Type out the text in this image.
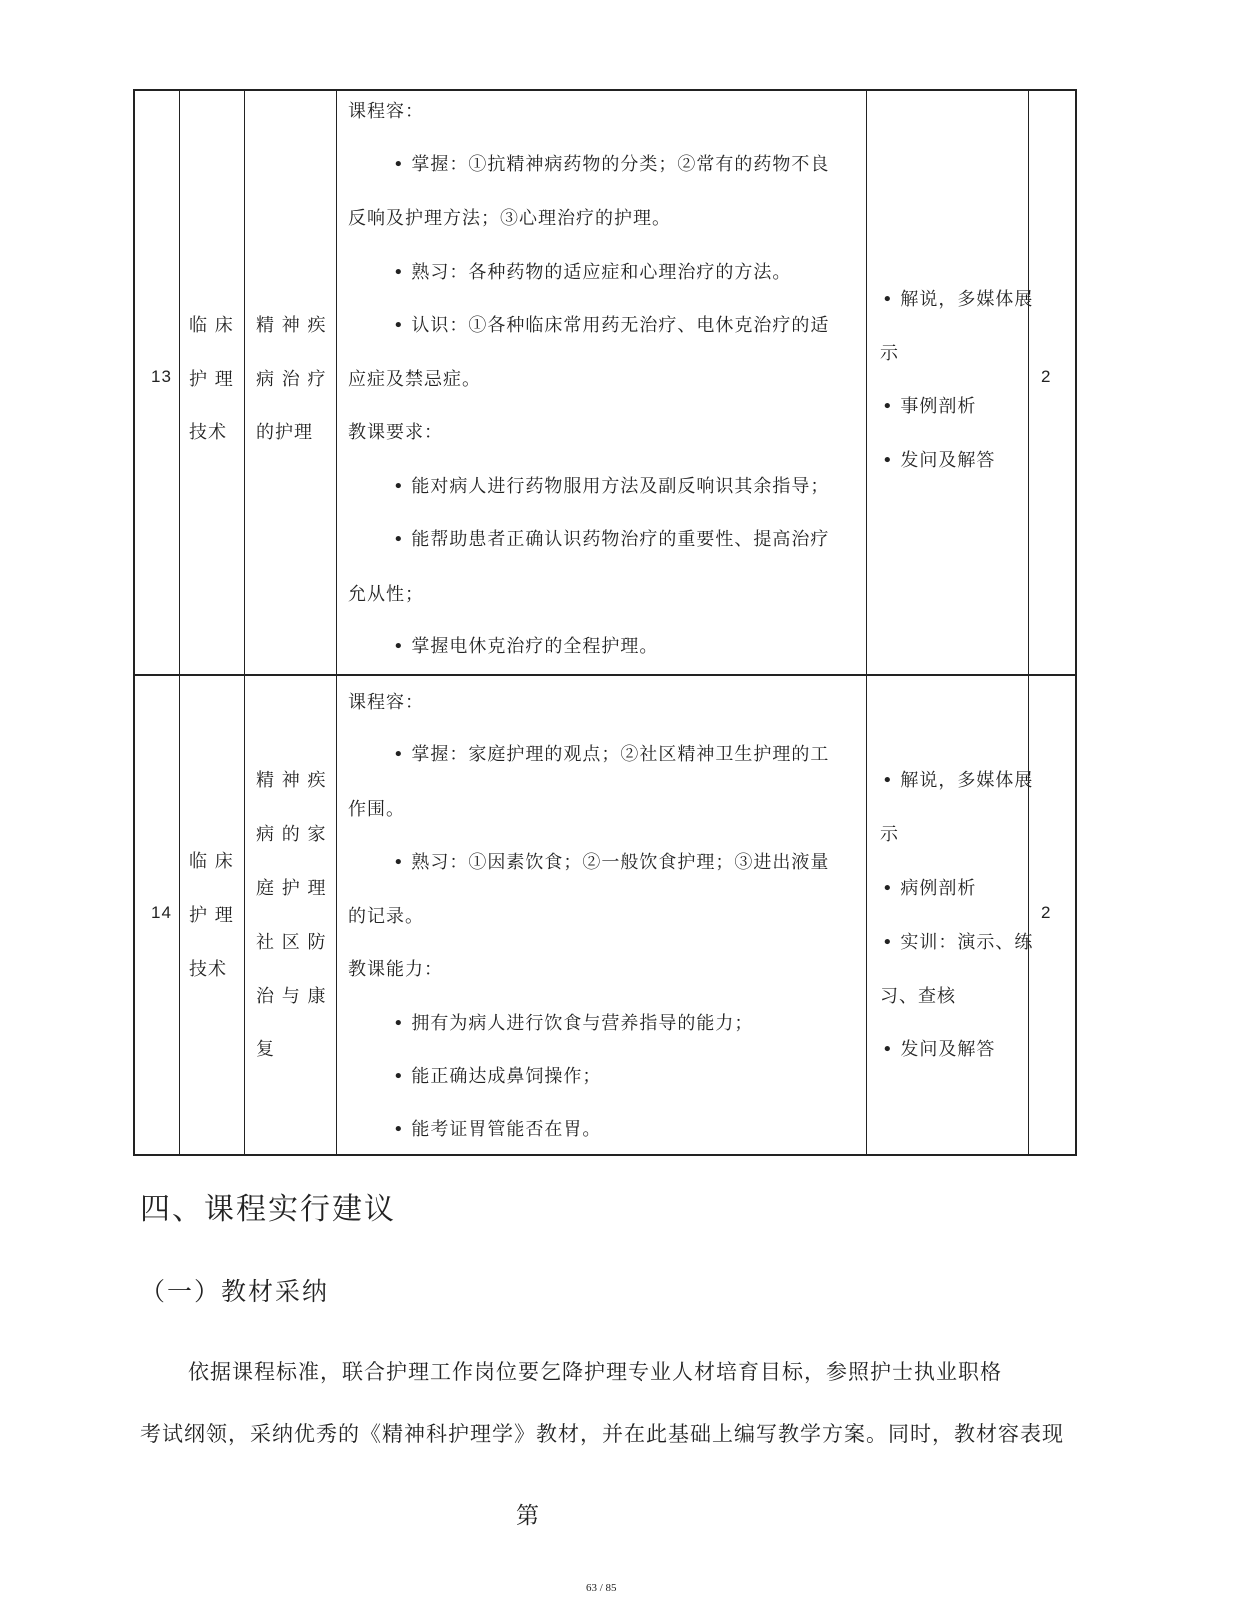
13
临 床
护 理
技术
精 神 疾
病 治 疗
的护理
课程容：
• 掌握：①抗精神病药物的分类；②常有的药物不良
反响及护理方法；③心理治疗的护理。
• 熟习：各种药物的适应症和心理治疗的方法。
• 认识：①各种临床常用药无治疗、电休克治疗的适
应症及禁忌症。
教课要求：
• 能对病人进行药物服用方法及副反响识其余指导；
• 能帮助患者正确认识药物治疗的重要性、提高治疗
允从性；
• 掌握电休克治疗的全程护理。
• 解说，多媒体展
示
• 事例剖析
• 发问及解答
2
14
临 床
护 理
技术
精 神 疾
病 的 家
庭 护 理
社 区 防
治 与 康
复
课程容：
• 掌握：家庭护理的观点；②社区精神卫生护理的工
作围。
• 熟习：①因素饮食；②一般饮食护理；③进出液量
的记录。
教课能力：
• 拥有为病人进行饮食与营养指导的能力；
• 能正确达成鼻饲操作；
• 能考证胃管能否在胃。
• 解说，多媒体展
示
• 病例剖析
• 实训：演示、练
习、查核
• 发问及解答
2
四、课程实行建议
（一）教材采纳
依据课程标准，联合护理工作岗位要乞降护理专业人材培育目标，参照护士执业职格
考试纲领，采纳优秀的《精神科护理学》教材，并在此基础上编写教学方案。同时，教材容表现
第
63 / 85
